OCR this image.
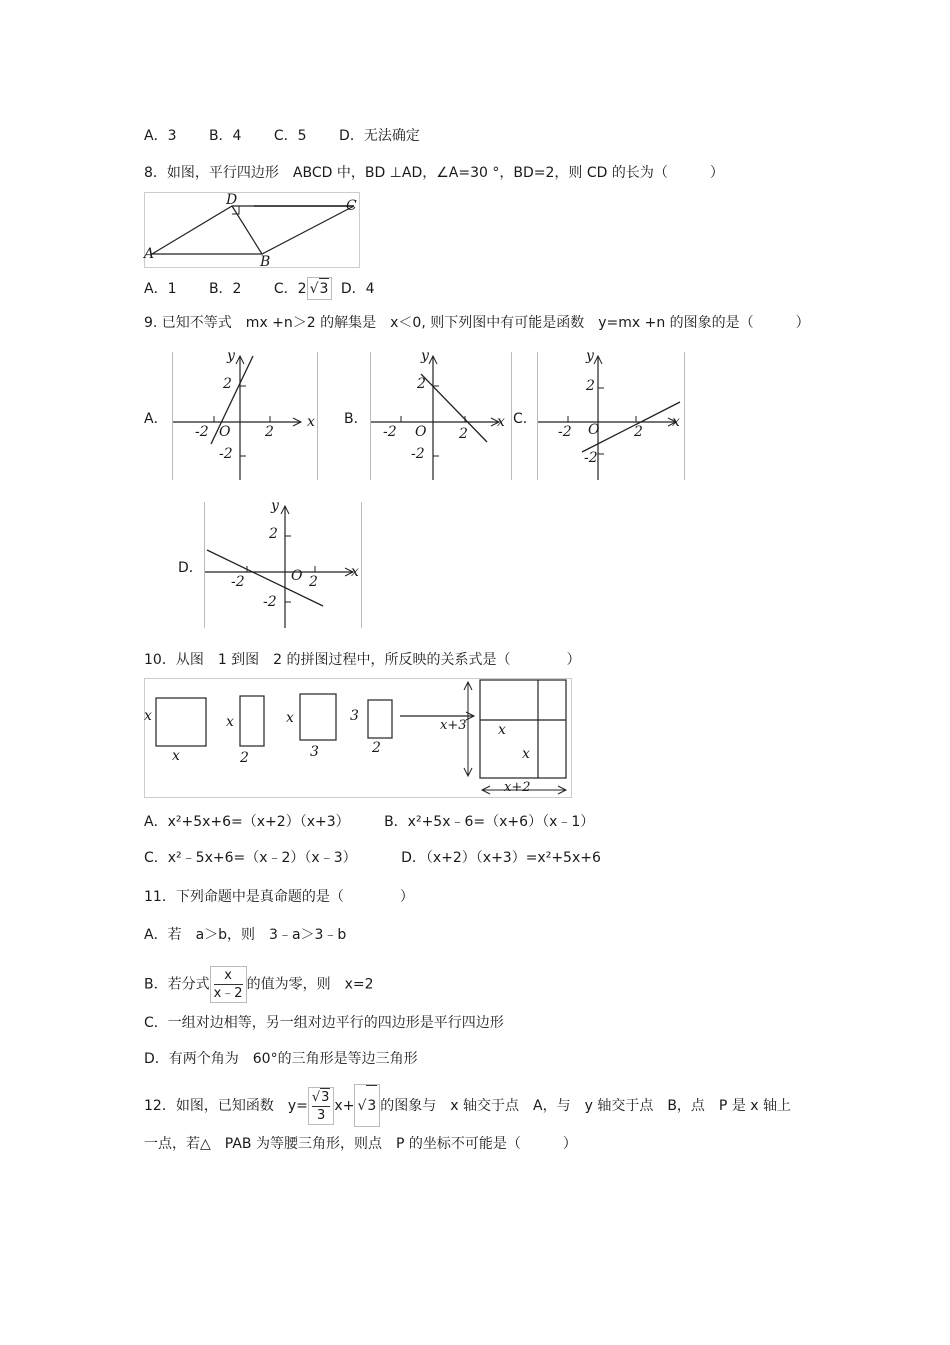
A．3 B．4 C．5 D．无法确定
8．如图，平行四边形　ABCD 中，BD ⊥AD，∠A=30 °，BD=2，则 CD 的长为（　　　）
A	B
C
D
A．1 B．2 C．2 √3 D．4
9. 已知不等式　mx +n＞2 的解集是　x＜0, 则下列图中有可能是函数　y=mx +n 的图象的是（　　　）
A．	B．	C．
D．
y
x
O
2
-2
-2	2
y
x
O
2
-2
-2	2
y
x
O
2
-2
-2	2
y
x
O
2
-2
-2	2
10．从图　1 到图　2 的拼图过程中，所反映的关系式是（　　　　）
x
x
x
2
x
3
3
2
x+3 x
x
x+2
A．x²+5x+6=（x+2）（x+3） B．x²+5x﹣6=（x+6）（x﹣1）
C．x²﹣5x+6=（x﹣2）（x﹣3）	D．（x+2）（x+3）=x²+5x+6
11．下列命题中是真命题的是（　　　　）
A．若　a＞b，则　3﹣a＞3﹣b
B．若分式 $\frac{x}{x﹣2}$ 的值为零，则　x=2
C．一组对边相等，另一组对边平行的四边形是平行四边形
D．有两个角为　60°的三角形是等边三角形
12．如图，已知函数　$y= \frac{√3}{3} x+ √3$ 的图象与　x 轴交于点　A，与　y 轴交于点　B，点　P 是 x 轴上
一点，若△　PAB 为等腰三角形，则点　P 的坐标不可能是（　　　）
